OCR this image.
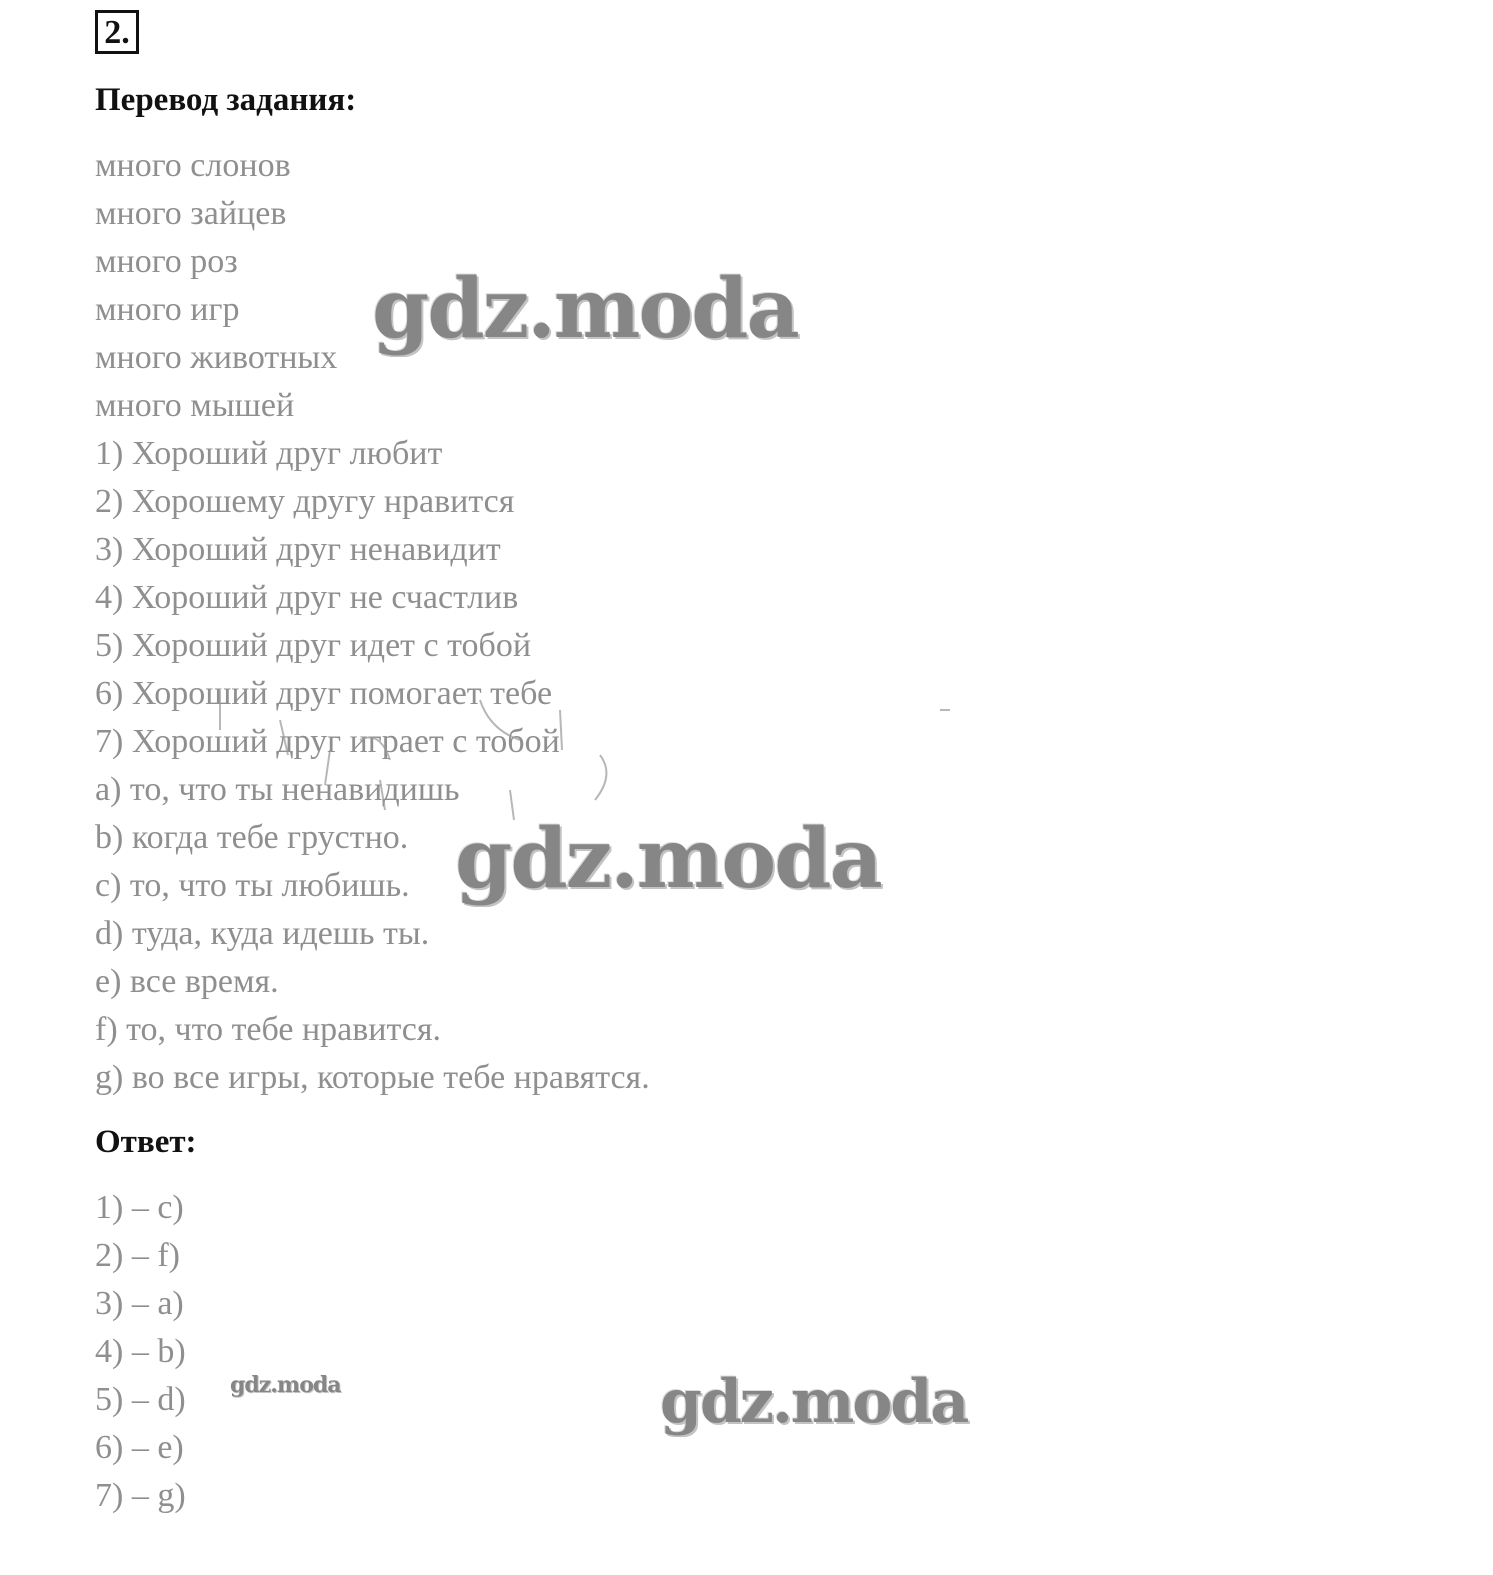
2.
Перевод задания:
много слонов
много зайцев
много роз
много игр
много животных
много мышей
1) Хороший друг любит
2) Хорошему другу нравится
3) Хороший друг ненавидит
4) Хороший друг не счастлив
5) Хороший друг идет с тобой
6) Хороший друг помогает тебе
7) Хороший друг играет с тобой
a) то, что ты ненавидишь
b) когда тебе грустно.
c) то, что ты любишь.
d) туда, куда идешь ты.
e) все время.
f) то, что тебе нравится.
g) во все игры, которые тебе нравятся.
Ответ:
1) – c)
2) – f)
3) – a)
4) – b)
5) – d)
6) – e)
7) – g)
gdz.moda
gdz.moda
gdz.moda	gdz.moda
